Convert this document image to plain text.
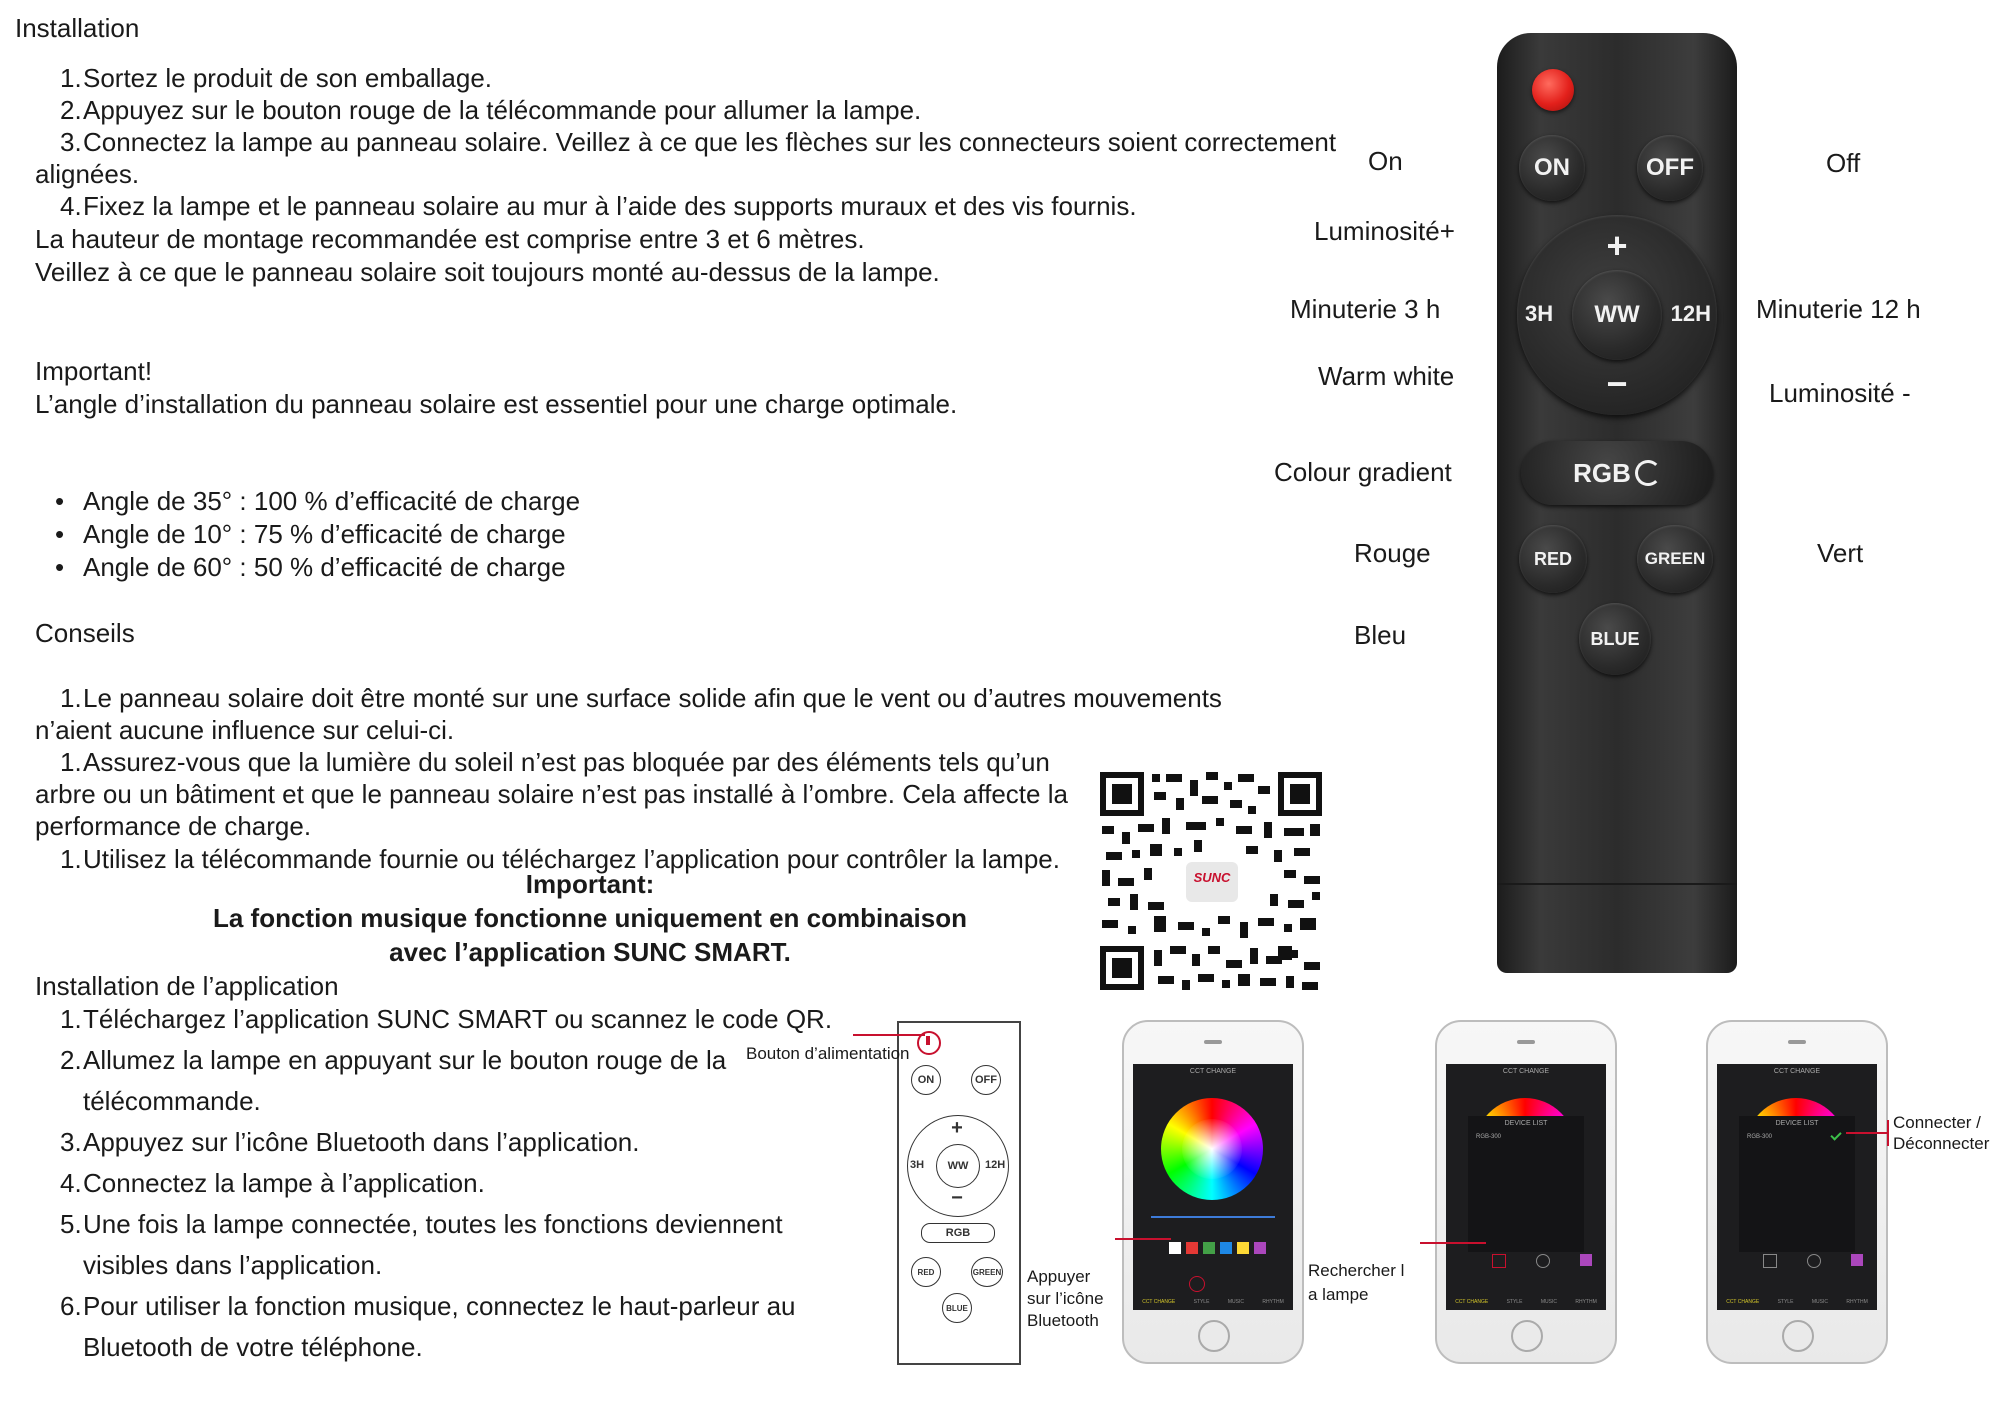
Installation
1. Sortez le produit de son emballage.
2. Appuyez sur le bouton rouge de la télécommande pour allumer la lampe.
3. Connectez la lampe au panneau solaire. Veillez à ce que les flèches sur les connecteurs soient correctement
alignées.
4. Fixez la lampe et le panneau solaire au mur à l’aide des supports muraux et des vis fournis.
La hauteur de montage recommandée est comprise entre 3 et 6 mètres.
Veillez à ce que le panneau solaire soit toujours monté au-dessus de la lampe.
Important!
L’angle d’installation du panneau solaire est essentiel pour une charge optimale.
• Angle de 35° : 100 % d’efficacité de charge
• Angle de 10° : 75 % d’efficacité de charge
• Angle de 60° : 50 % d’efficacité de charge
Conseils
1. Le panneau solaire doit être monté sur une surface solide afin que le vent ou d’autres mouvements
n’aient aucune influence sur celui-ci.
1. Assurez-vous que la lumière du soleil n’est pas bloquée par des éléments tels qu’un
arbre ou un bâtiment et que le panneau solaire n’est pas installé à l’ombre. Cela affecte la
performance de charge.
1. Utilisez la télécommande fournie ou téléchargez l’application pour contrôler la lampe.
Important:
La fonction musique fonctionne uniquement en combinaison
avec l’application SUNC SMART.
Installation de l’application
1. Téléchargez l’application SUNC SMART ou scannez le code QR.
2. Allumez la lampe en appuyant sur le bouton rouge de la
télécommande.
3. Appuyez sur l’icône Bluetooth dans l’application.
4. Connectez la lampe à l’application.
5. Une fois la lampe connectée, toutes les fonctions deviennent
visibles dans l’application.
6. Pour utiliser la fonction musique, connectez le haut-parleur au
Bluetooth de votre téléphone.
On	Off
Luminosité+
Minuterie 3 h	Minuterie 12 h
Warm white
Luminosité -
Colour gradient
Rouge	Vert
Bleu
ON	OFF
+
−
3H	12H
WW
RGB
RED	GREEN
BLUE
SUNC
ON	OFF
+
−
3H	12H
WW
RGB
RED	GREEN
BLUE
Bouton d’alimentation
CCT CHANGE
CCT CHANGE	STYLE	MUSIC	RHYTHM
Appuyer
sur l’icône
Bluetooth
CCT CHANGE
DEVICE LIST
RGB-300
CCT CHANGE	STYLE	MUSIC	RHYTHM
Rechercher l
a lampe
CCT CHANGE
DEVICE LIST
RGB-300
CCT CHANGE	STYLE	MUSIC	RHYTHM
Connecter /
Déconnecter
